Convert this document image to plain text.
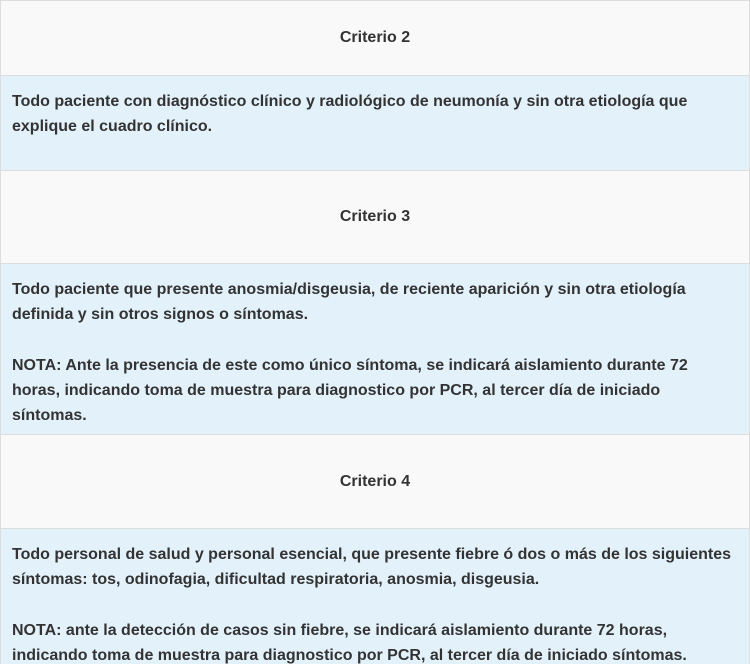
Criterio 2

Todo paciente con diagnóstico clínico y radiológico de neumonía y sin otra etiología que explique el cuadro clínico.

Criterio 3

Todo paciente que presente anosmia/disgeusia, de reciente aparición y sin otra etiología definida y sin otros signos o síntomas.

NOTA: Ante la presencia de este como único síntoma, se indicará aislamiento durante 72 horas, indicando toma de muestra para diagnostico por PCR, al tercer día de iniciado síntomas.

Criterio 4

Todo personal de salud y personal esencial, que presente fiebre ó dos o más de los siguientes síntomas: tos, odinofagia, dificultad respiratoria, anosmia, disgeusia.

NOTA: ante la detección de casos sin fiebre, se indicará aislamiento durante 72 horas, indicando toma de muestra para diagnostico por PCR, al tercer día de iniciado síntomas.
